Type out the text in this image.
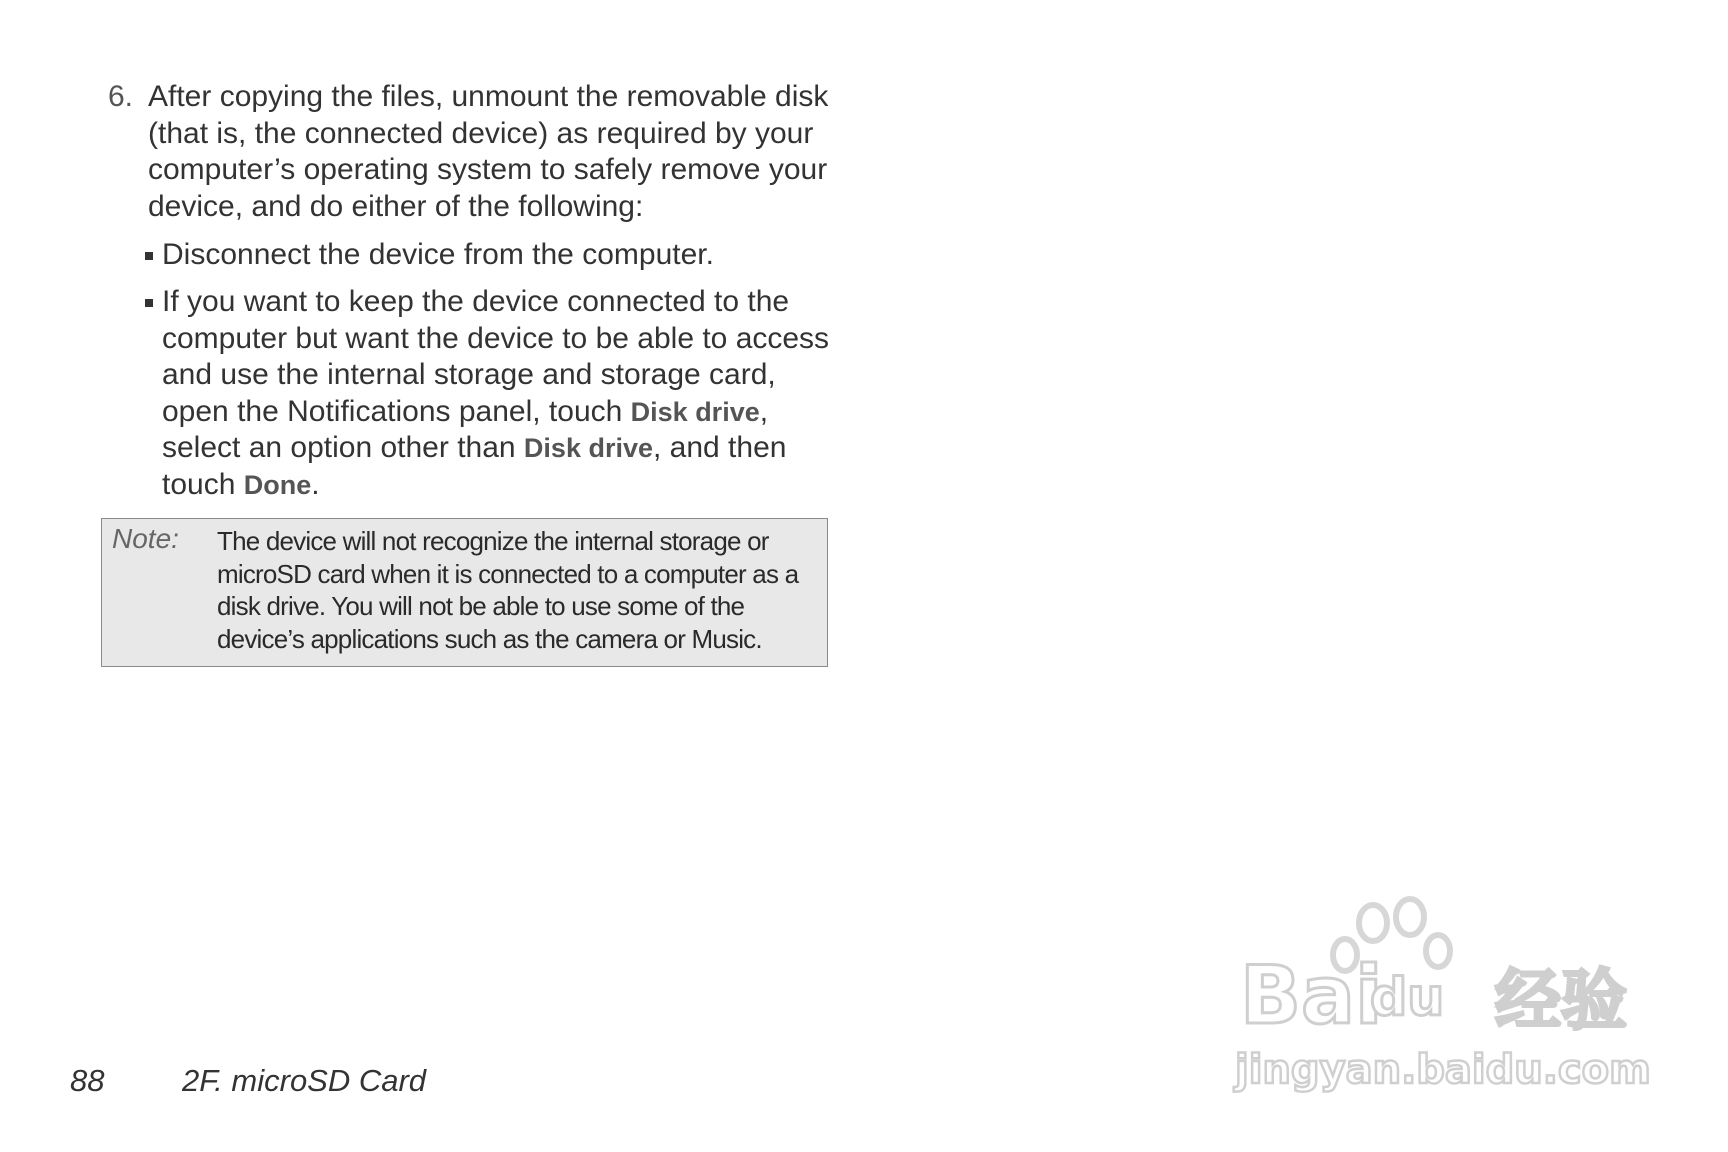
6. After copying the files, unmount the removable disk (that is, the connected device) as required by your computer’s operating system to safely remove your device, and do either of the following:
Disconnect the device from the computer.
If you want to keep the device connected to the computer but want the device to be able to access and use the internal storage and storage card, open the Notifications panel, touch Disk drive, select an option other than Disk drive, and then touch Done.
Note: The device will not recognize the internal storage or microSD card when it is connected to a computer as a disk drive. You will not be able to use some of the device’s applications such as the camera or Music.
88	2F. microSD Card
Bai
du 经验
jingyan.baidu.com
